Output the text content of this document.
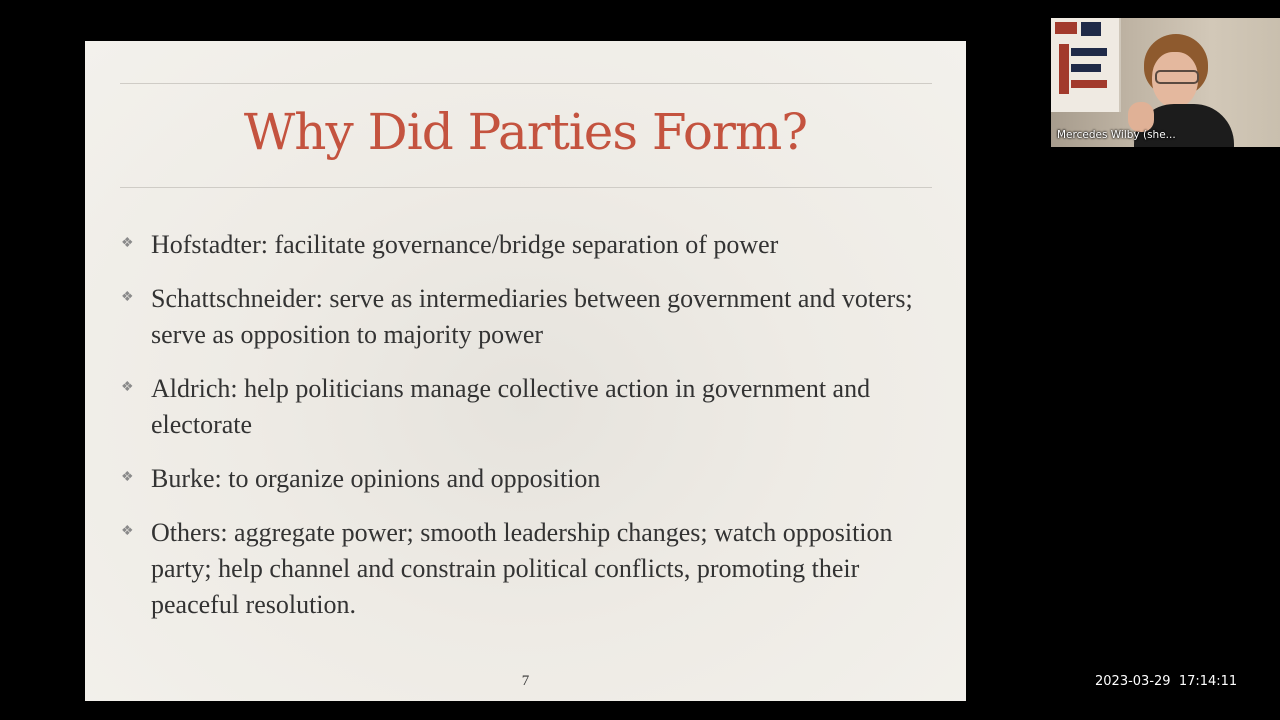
Why Did Parties Form?
❖ Hofstadter: facilitate governance/bridge separation of power
❖ Schattschneider: serve as intermediaries between government and voters; serve as opposition to majority power
❖ Aldrich: help politicians manage collective action in government and electorate
❖ Burke: to organize opinions and opposition
❖ Others: aggregate power; smooth leadership changes; watch opposition party; help channel and constrain political conflicts, promoting their peaceful resolution.
7
Mercedes Wilby (she...
2023-03-29  17:14:11
